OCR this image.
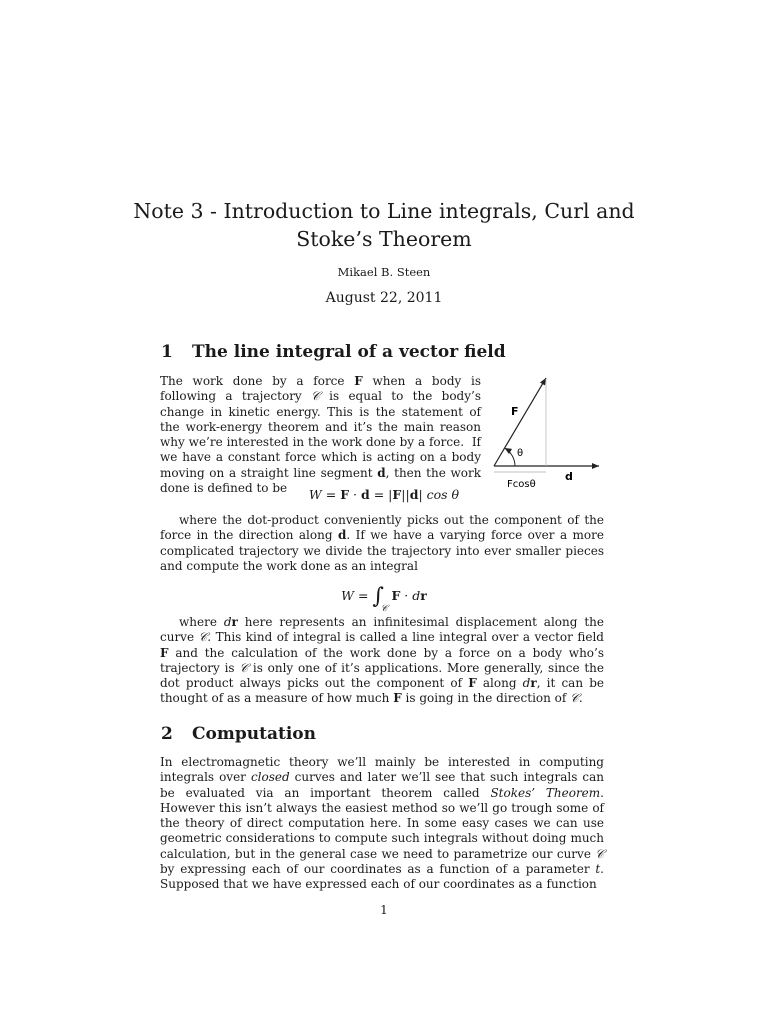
Note 3 - Introduction to Line integrals, Curl and
Stoke’s Theorem
Mikael B. Steen
August 22, 2011
1 The line integral of a vector field

The work done by a force F when a body is following a trajectory 𝒞 is equal to the body’s change in kinetic energy. This is the statement of the work-energy theorem and it’s the main reason why we’re interested in the work done by a force.  If we have a constant force which is acting on a body moving on a straight line segment d, then the work done is defined to be

F
θ
d
Fcosθ
W = F · d = |F||d| cos θ

where the dot-product conveniently picks out the component of the force in the direction along d. If we have a varying force over a more complicated trajectory we divide the trajectory into ever smaller pieces and compute the work done as an integral

$W = \int_𝒞$ F · dr

where dr here represents an infinitesimal displacement along the curve 𝒞. This kind of integral is called a line integral over a vector field F and the calculation of the work done by a force on a body who’s trajectory is 𝒞 is only one of it’s applications. More generally, since the dot product always picks out the component of F along dr, it can be thought of as a measure of how much F is going in the direction of 𝒞.

2 Computation

In electromagnetic theory we’ll mainly be interested in computing integrals over closed curves and later we’ll see that such integrals can be evaluated via an important theorem called Stokes’ Theorem. However this isn’t always the easiest method so we’ll go trough some of the theory of direct computation here. In some easy cases we can use geometric considerations to compute such integrals without doing much calculation, but in the general case we need to parametrize our curve 𝒞 by expressing each of our coordinates as a function of a parameter t. Supposed that we have expressed each of our coordinates as a function

1
